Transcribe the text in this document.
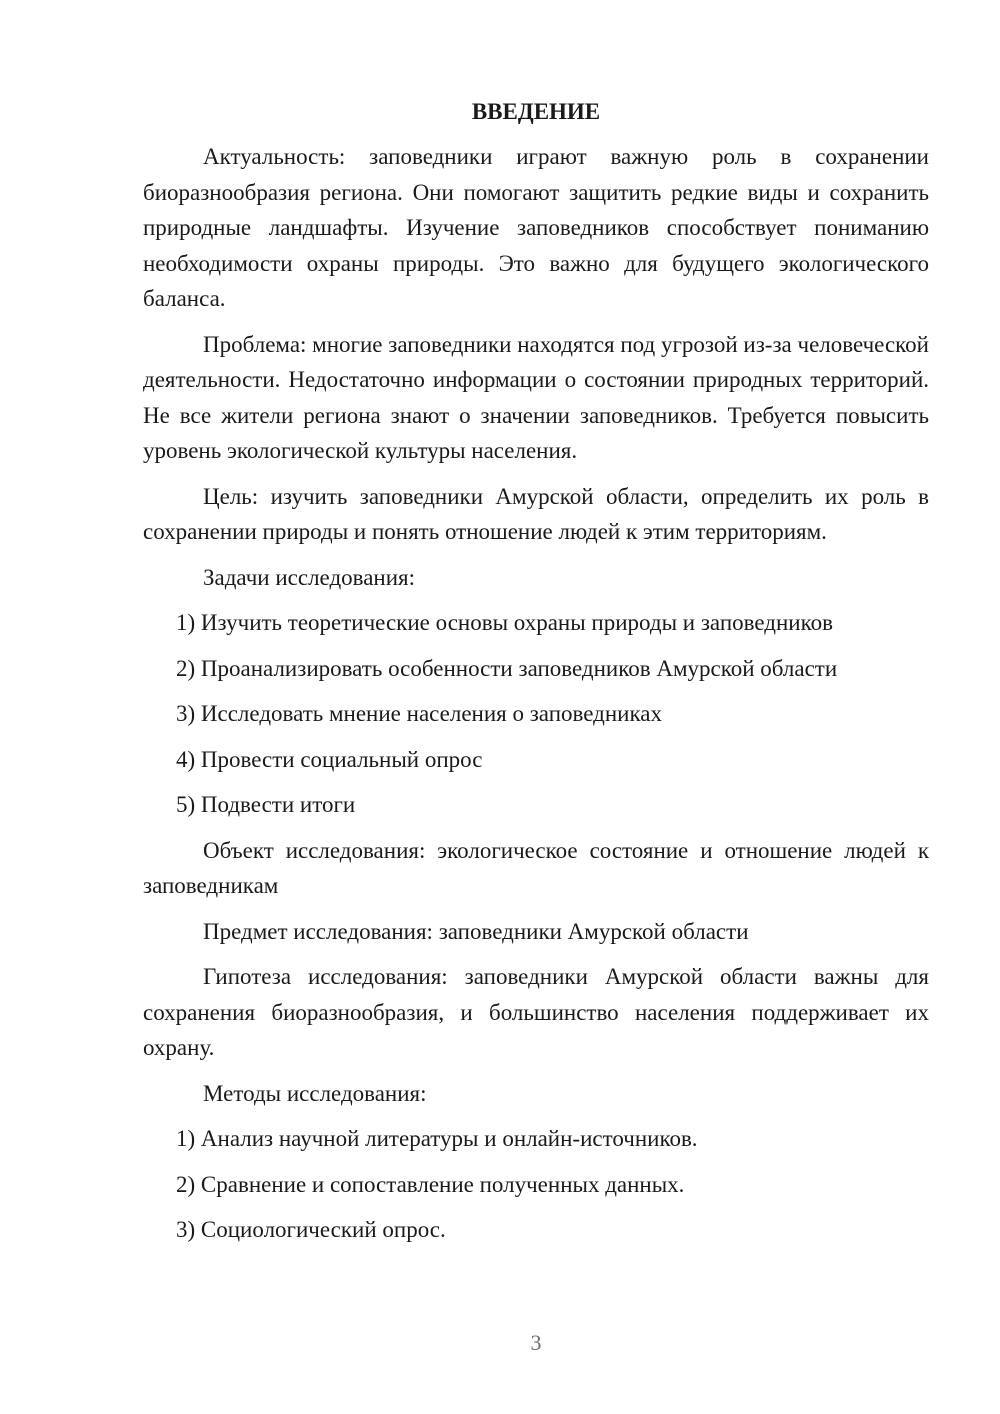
ВВЕДЕНИЕ

Актуальность: заповедники играют важную роль в сохранении биоразнообразия региона. Они помогают защитить редкие виды и сохранить природные ландшафты. Изучение заповедников способствует пониманию необходимости охраны природы. Это важно для будущего экологического баланса.

Проблема: многие заповедники находятся под угрозой из-за человеческой деятельности. Недостаточно информации о состоянии природных территорий. Не все жители региона знают о значении заповедников. Требуется повысить уровень экологической культуры населения.

Цель: изучить заповедники Амурской области, определить их роль в сохранении природы и понять отношение людей к этим территориям.

Задачи исследования:
1) Изучить теоретические основы охраны природы и заповедников
2) Проанализировать особенности заповедников Амурской области
3) Исследовать мнение населения о заповедниках
4) Провести социальный опрос
5) Подвести итоги

Объект исследования: экологическое состояние и отношение людей к заповедникам

Предмет исследования: заповедники Амурской области

Гипотеза исследования: заповедники Амурской области важны для сохранения биоразнообразия, и большинство населения поддерживает их охрану.

Методы исследования:
1) Анализ научной литературы и онлайн-источников.
2) Сравнение и сопоставление полученных данных.
3) Социологический опрос.
3
